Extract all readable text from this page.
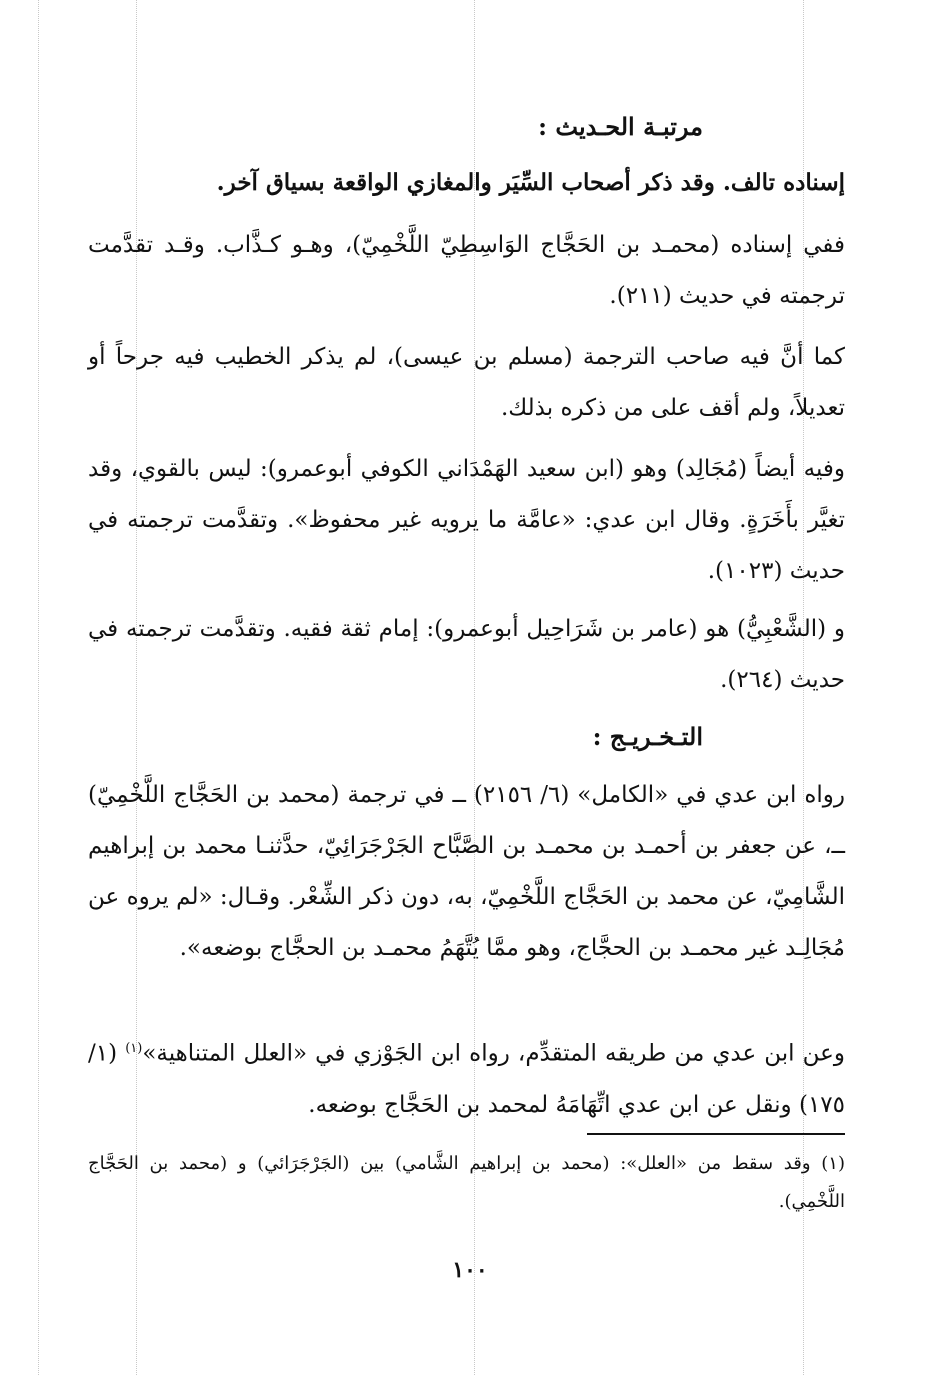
مرتبـة الحـديث :

إسناده تالف. وقد ذكر أصحاب السِّيَر والمغازي الواقعة بسياق آخر.

ففي إسناده (محمـد بن الحَجَّاج الوَاسِطِيّ اللَّخْمِيّ)، وهـو كـذَّاب. وقـد تقدَّمت ترجمته في حديث (٢١١).

كما أنَّ فيه صاحب الترجمة (مسلم بن عيسى)، لم يذكر الخطيب فيه جرحاً أو تعديلاً، ولم أقف على من ذكره بذلك.

وفيه أيضاً (مُجَالِد) وهو (ابن سعيد الهَمْدَاني الكوفي أبوعمرو): ليس بالقوي، وقد تغيَّر بأَخَرَةٍ. وقال ابن عدي: «عامَّة ما يرويه غير محفوظ». وتقدَّمت ترجمته في حديث (١٠٢٣).

و (الشَّعْبِيُّ) هو (عامر بن شَرَاحِيل أبوعمرو): إمام ثقة فقيه. وتقدَّمت ترجمته في حديث (٢٦٤).

التـخـريـج :

رواه ابن عدي في «الكامل» (٦/ ٢١٥٦) ــ في ترجمة (محمد بن الحَجَّاج اللَّخْمِيّ) ــ، عن جعفر بن أحمـد بن محمـد بن الصَّبَّاح الجَرْجَرَائِيّ، حدَّثنـا محمد بن إبراهيم الشَّامِيّ، عن محمد بن الحَجَّاج اللَّخْمِيّ، به، دون ذكر الشِّعْر. وقـال: «لم يروه عن مُجَالِـد غير محمـد بن الحجَّاج، وهو ممَّا يُتَّهَمُ محمـد بن الحجَّاج بوضعه».

وعن ابن عدي من طريقه المتقدِّم، رواه ابن الجَوْزي في «العلل المتناهية»$^{(١)}$ (١/ ١٧٥) ونقل عن ابن عدي اتِّهَامَهُ لمحمد بن الحَجَّاج بوضعه.

(١) وقد سقط من «العلل»: (محمد بن إبراهيم الشَّامي) بين (الجَرْجَرَائي) و (محمد بن الحَجَّاج اللَّخْمِي).
١٠٠
